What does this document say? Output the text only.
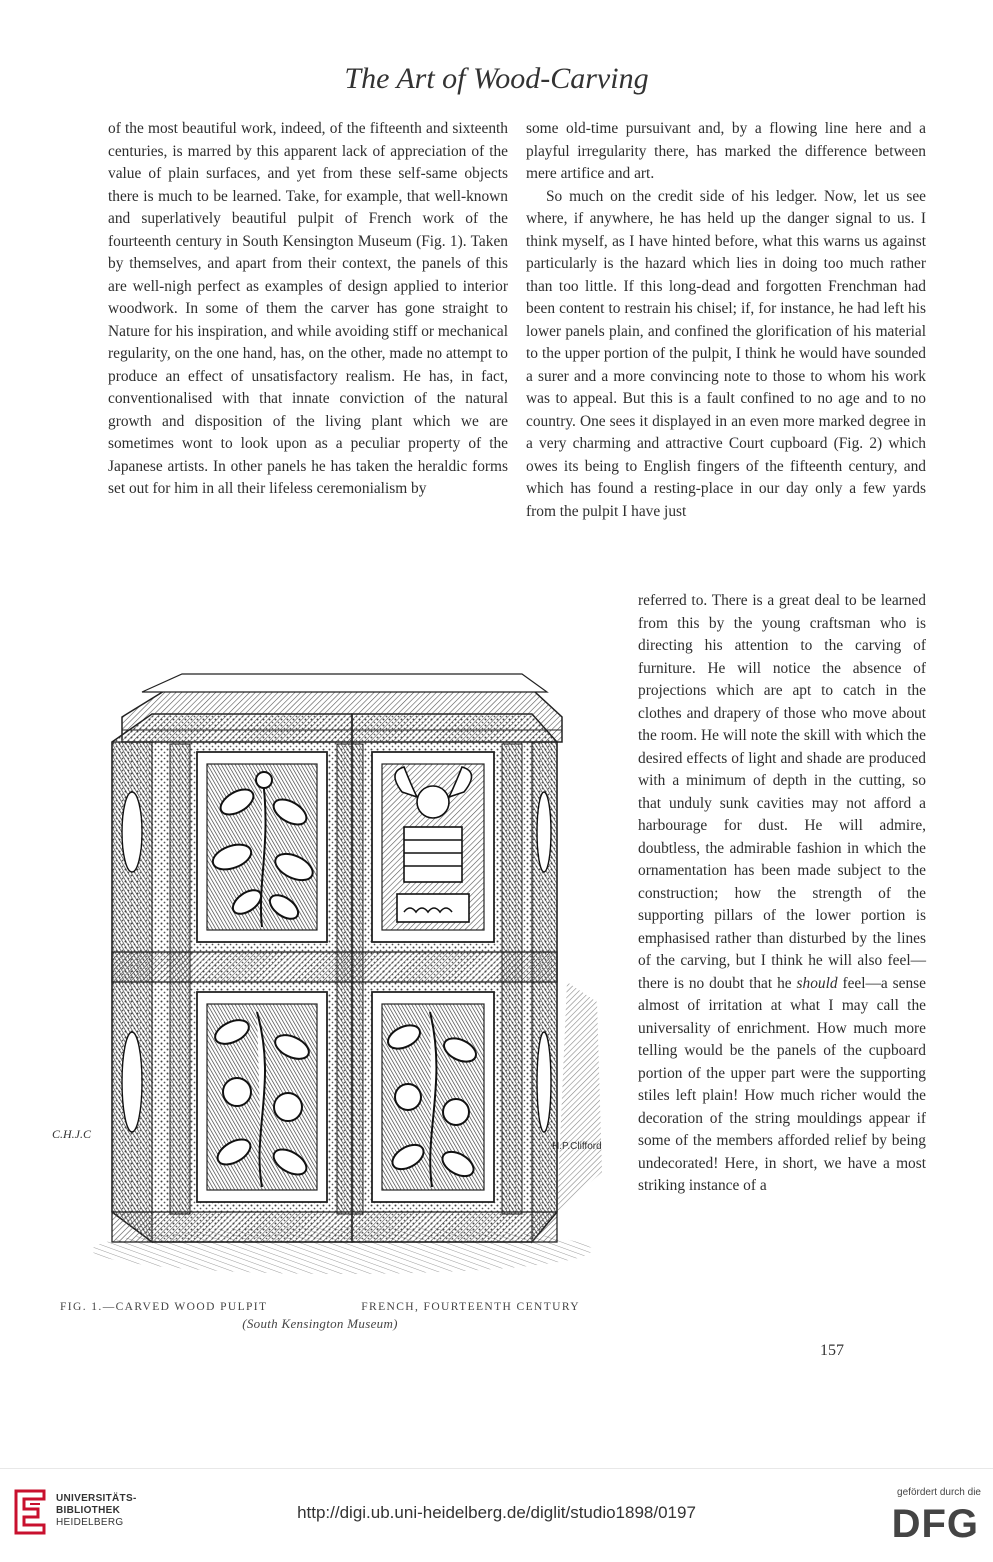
The Art of Wood-Carving

of the most beautiful work, indeed, of the fifteenth and sixteenth centuries, is marred by this apparent lack of appreciation of the value of plain surfaces, and yet from these self-same objects there is much to be learned. Take, for example, that well-known and superlatively beautiful pulpit of French work of the fourteenth century in South Kensington Museum (Fig. 1). Taken by themselves, and apart from their context, the panels of this are well-nigh perfect as examples of design applied to interior woodwork. In some of them the carver has gone straight to Nature for his inspiration, and while avoiding stiff or mechanical regularity, on the one hand, has, on the other, made no attempt to produce an effect of unsatisfactory realism. He has, in fact, conventionalised with that innate conviction of the natural growth and disposition of the living plant which we are sometimes wont to look upon as a peculiar property of the Japanese artists. In other panels he has taken the heraldic forms set out for him in all their lifeless ceremonialism by

some old-time pursuivant and, by a flowing line here and a playful irregularity there, has marked the difference between mere artifice and art.

So much on the credit side of his ledger. Now, let us see where, if anywhere, he has held up the danger signal to us. I think myself, as I have hinted before, what this warns us against particularly is the hazard which lies in doing too much rather than too little. If this long-dead and forgotten Frenchman had been content to restrain his chisel; if, for instance, he had left his lower panels plain, and confined the glorification of his material to the upper portion of the pulpit, I think he would have sounded a surer and a more convincing note to those to whom his work was to appeal. But this is a fault confined to no age and to no country. One sees it displayed in an even more marked degree in a very charming and attractive Court cupboard (Fig. 2) which owes its being to English fingers of the fifteenth century, and which has found a resting-place in our day only a few yards from the pulpit I have just

referred to. There is a great deal to be learned from this by the young craftsman who is directing his attention to the carving of furniture. He will notice the absence of projections which are apt to catch in the clothes and drapery of those who move about the room. He will note the skill with which the desired effects of light and shade are produced with a minimum of depth in the cutting, so that unduly sunk cavities may not afford a harbourage for dust. He will admire, doubtless, the admirable fashion in which the ornamentation has been made subject to the construction; how the strength of the supporting pillars of the lower portion is emphasised rather than disturbed by the lines of the carving, but I think he will also feel—there is no doubt that he should feel—a sense almost of irritation at what I may call the universality of enrichment. How much more telling would be the panels of the cupboard portion of the upper part were the supporting stiles left plain! How much richer would the decoration of the string mouldings appear if some of the members afforded relief by being undecorated! Here, in short, we have a most striking instance of a

C.H.J.C
H.P.Clifford
FIG. 1.—CARVED WOOD PULPIT	FRENCH, FOURTEENTH CENTURY
(South Kensington Museum)
157
UNIVERSITÄTS-
BIBLIOTHEK
HEIDELBERG
http://digi.ub.uni-heidelberg.de/diglit/studio1898/0197
gefördert durch die
DFG
